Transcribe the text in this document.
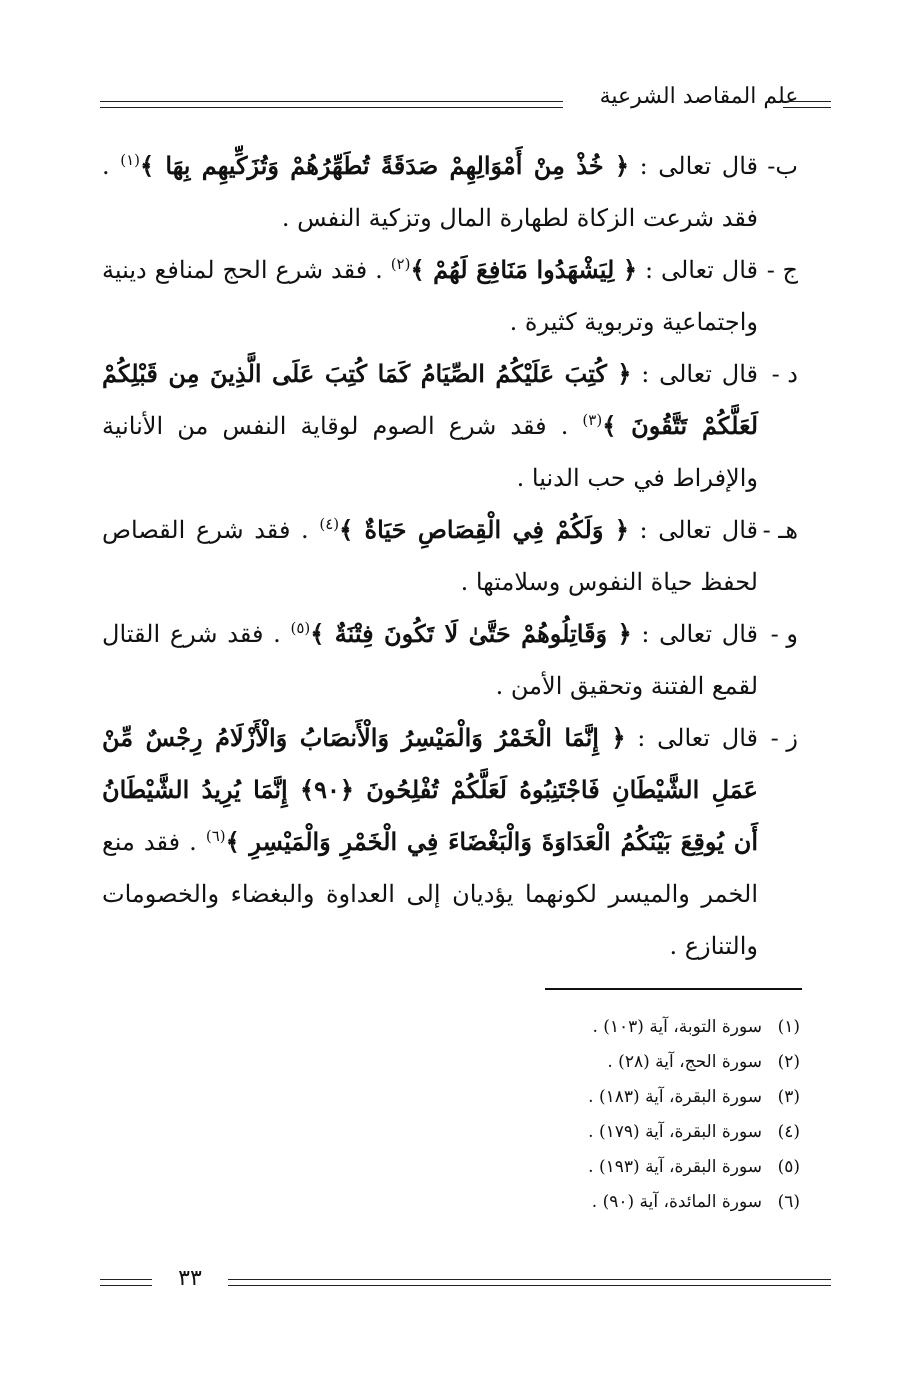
علم المقاصد الشرعية

ب-
قال تعالى : ﴿ خُذْ مِنْ أَمْوَالِهِمْ صَدَقَةً تُطَهِّرُهُمْ وَتُزَكِّيهِم بِهَا ﴾$^{(١)}$ . فقد شرعت الزكاة لطهارة المال وتزكية النفس .

ج -
قال تعالى : ﴿ لِيَشْهَدُوا مَنَافِعَ لَهُمْ ﴾$^{(٢)}$ . فقد شرع الحج لمنافع دينية واجتماعية وتربوية كثيرة .

د -
قال تعالى : ﴿ كُتِبَ عَلَيْكُمُ الصِّيَامُ كَمَا كُتِبَ عَلَى الَّذِينَ مِن قَبْلِكُمْ لَعَلَّكُمْ تَتَّقُونَ ﴾$^{(٣)}$ . فقد شرع الصوم لوقاية النفس من الأنانية والإفراط في حب الدنيا .

هـ -
قال تعالى : ﴿ وَلَكُمْ فِي الْقِصَاصِ حَيَاةٌ ﴾$^{(٤)}$ . فقد شرع القصاص لحفظ حياة النفوس وسلامتها .

و -
قال تعالى : ﴿ وَقَاتِلُوهُمْ حَتَّىٰ لَا تَكُونَ فِتْنَةٌ ﴾$^{(٥)}$ . فقد شرع القتال لقمع الفتنة وتحقيق الأمن .

ز -
قال تعالى : ﴿ إِنَّمَا الْخَمْرُ وَالْمَيْسِرُ وَالْأَنصَابُ وَالْأَزْلَامُ رِجْسٌ مِّنْ عَمَلِ الشَّيْطَانِ فَاجْتَنِبُوهُ لَعَلَّكُمْ تُفْلِحُونَ ﴿٩٠﴾ إِنَّمَا يُرِيدُ الشَّيْطَانُ أَن يُوقِعَ بَيْنَكُمُ الْعَدَاوَةَ وَالْبَغْضَاءَ فِي الْخَمْرِ وَالْمَيْسِرِ ﴾$^{(٦)}$ . فقد منع الخمر والميسر لكونهما يؤديان إلى العداوة والبغضاء والخصومات والتنازع .

(١)سورة التوبة، آية (١٠٣) .
(٢)سورة الحج، آية (٢٨) .
(٣)سورة البقرة، آية (١٨٣) .
(٤)سورة البقرة، آية (١٧٩) .
(٥)سورة البقرة، آية (١٩٣) .
(٦)سورة المائدة، آية (٩٠) .
٣٣
